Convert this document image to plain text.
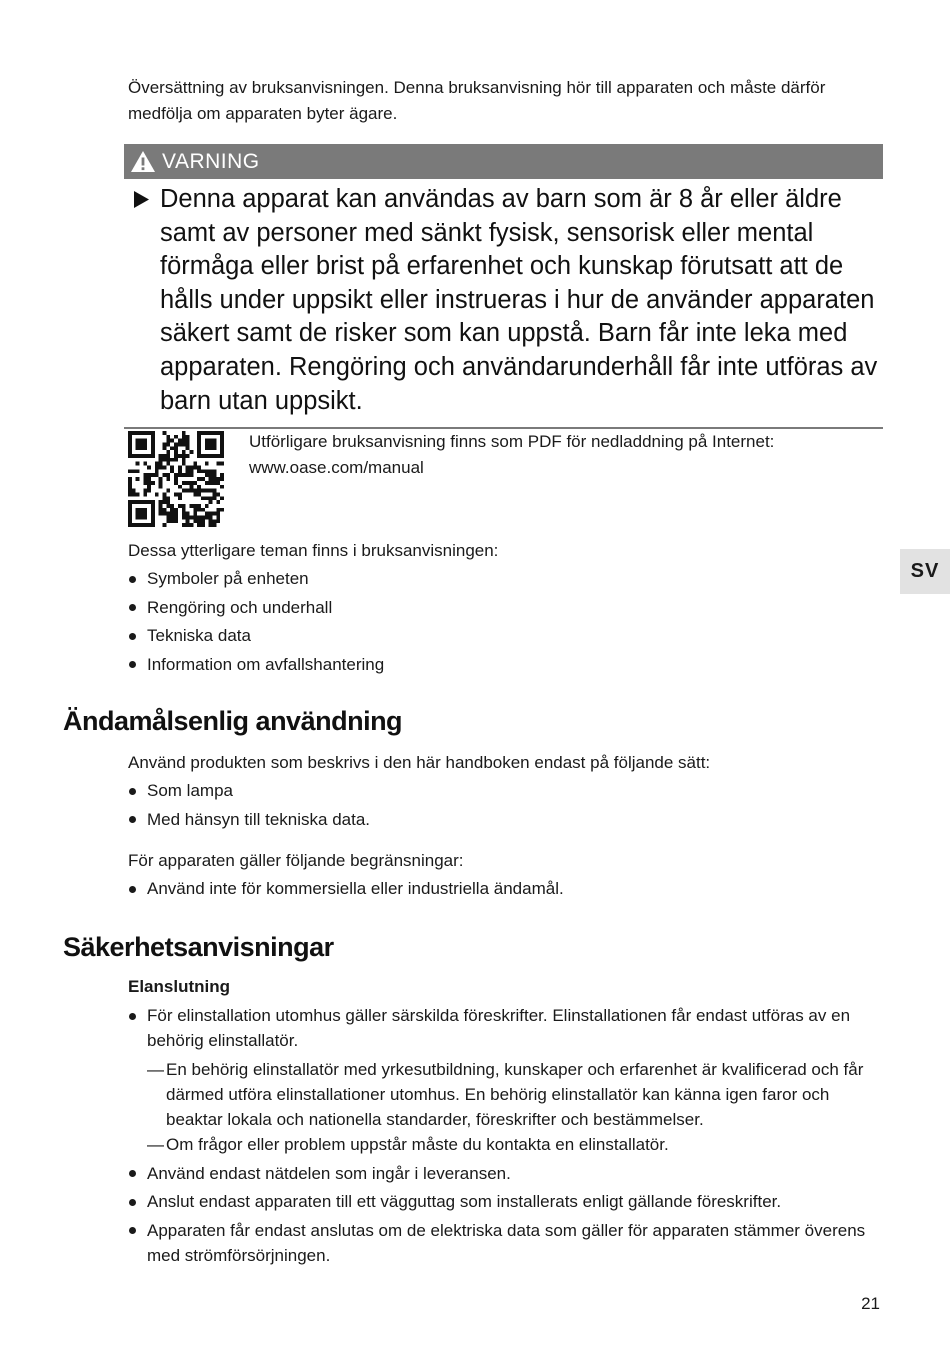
Översättning av bruksanvisningen. Denna bruksanvisning hör till apparaten och måste därför medfölja om apparaten byter ägare.

VARNING

Denna apparat kan användas av barn som är 8 år eller äldre samt av personer med sänkt fysisk, sensorisk eller mental förmåga eller brist på erfarenhet och kunskap förutsatt att de hålls under uppsikt eller instrueras i hur de använder apparaten säkert samt de risker som kan uppstå. Barn får inte leka med apparaten. Rengöring och användarunderhåll får inte utföras av barn utan uppsikt.

Utförligare bruksanvisning finns som PDF för nedladdning på Internet:
www.oase.com/manual
SV

Dessa ytterligare teman finns i bruksanvisningen:

Symboler på enheten
Rengöring och underhall
Tekniska data
Information om avfallshantering
Ändamålsenlig användning

Använd produkten som beskrivs i den här handboken endast på följande sätt:

Som lampa
Med hänsyn till tekniska data.

För apparaten gäller följande begränsningar:

Använd inte för kommersiella eller industriella ändamål.
Säkerhetsanvisningar
Elanslutning
För elinstallation utomhus gäller särskilda föreskrifter. Elinstallationen får endast utföras av en behörig elinstallatör.
— En behörig elinstallatör med yrkesutbildning, kunskaper och erfarenhet är kvalificerad och får därmed utföra elinstallationer utomhus. En behörig elinstallatör kan känna igen faror och beaktar lokala och nationella standarder, föreskrifter och bestämmelser.
— Om frågor eller problem uppstår måste du kontakta en elinstallatör.
Använd endast nätdelen som ingår i leveransen.
Anslut endast apparaten till ett vägguttag som installerats enligt gällande föreskrifter.
Apparaten får endast anslutas om de elektriska data som gäller för apparaten stämmer överens med strömförsörjningen.
21
